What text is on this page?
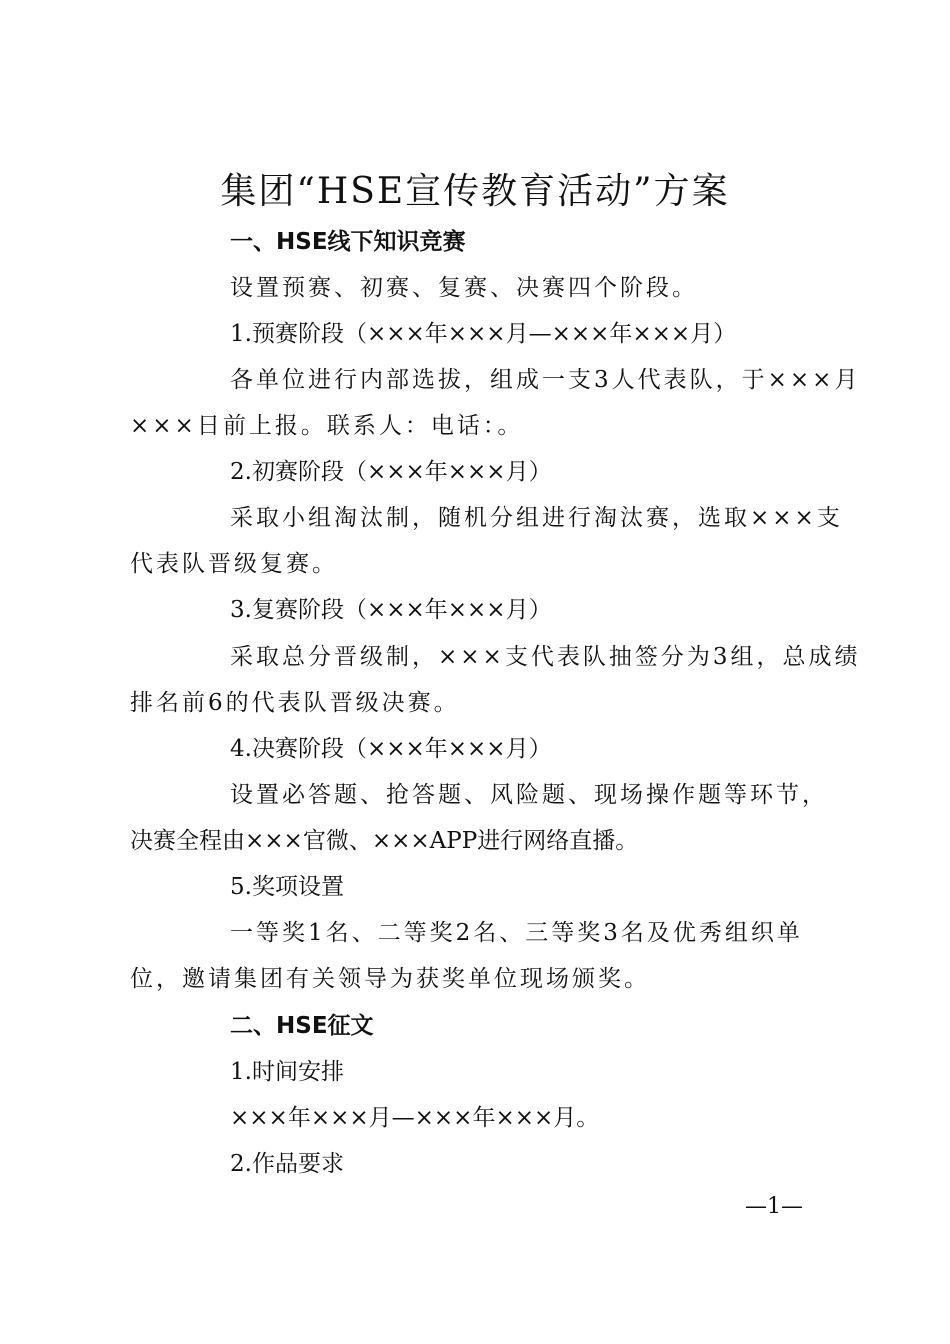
集团“HSE宣传教育活动”方案
一、HSE线下知识竞赛
设置预赛、初赛、复赛、决赛四个阶段。
1.预赛阶段（×××年×××月—×××年×××月）
各单位进行内部选拔，组成一支3人代表队，于×××月
×××日前上报。联系人：电话：。
2.初赛阶段（×××年×××月）
采取小组淘汰制，随机分组进行淘汰赛，选取×××支
代表队晋级复赛。
3.复赛阶段（×××年×××月）
采取总分晋级制，×××支代表队抽签分为3组，总成绩
排名前6的代表队晋级决赛。
4.决赛阶段（×××年×××月）
设置必答题、抢答题、风险题、现场操作题等环节，
决赛全程由×××官微、×××APP进行网络直播。
5.奖项设置
一等奖1名、二等奖2名、三等奖3名及优秀组织单
位，邀请集团有关领导为获奖单位现场颁奖。
二、HSE征文
1.时间安排
×××年×××月—×××年×××月。
2.作品要求
—1—
